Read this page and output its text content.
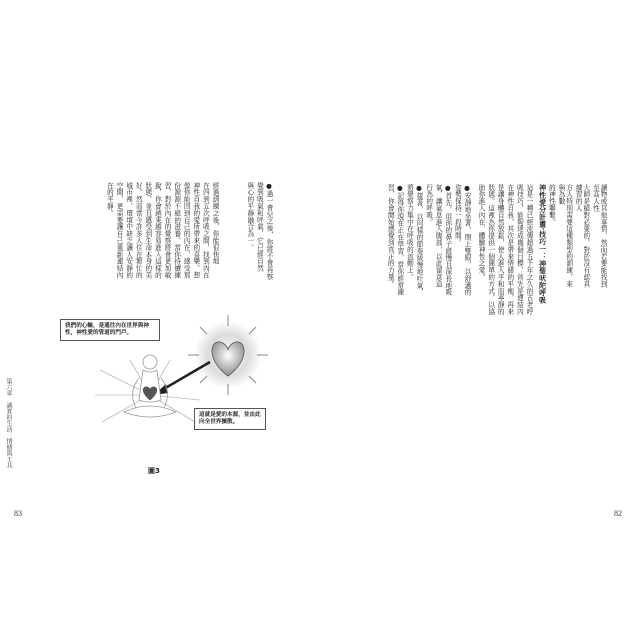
●過一會兒之後，你將不會再察
覺到吸氣和呼氣，它已經自然
與心的平靜融合為一。
經過訓練之後，你能很快地
在四到五次呼吸之間，找到內在
神性自我的愛所帶來的喜樂。想
像你能回到自己的內在，感受那
份源源不絕的滋養。當你持續練
習，對於內在的覺察將會更加敏
銳，你會越來越容易進入這樣的
狀態，並且感受到生命本身的美
好。然而當今許多人住在繁忙的
城市裡，環境中缺乏讓人安靜的
空間，更需要讓自己重新連結內
在的平靜。
我們的心輪，是通往內在世界與神性，神性愛的管道的門戶。
這就是愛的本源，並由此向全世界擴散。
圖3
第六章　誠實的生活：情緒與工具
83
讀物或其他事情，然而若要能找到至高人性
大師是絕對必要的，對於沒有認真練習的人
方人特別需要這種類型的訓練，來與為數
的神性聯繫。
神性愛分計畫‧技巧一：神聖吠陀呼吸
這是一種已經流傳超過五千年之久的古老呼
吸技巧，能夠達成幾個目標，首先是連結內
在神性自我，其次是帶來情緒的平衡，再來
是讓身體自然放鬆，使人進入平和而寧靜的
狀態。這裡為你提供一個簡單的方式，以協
助你進入內在，體驗神性之愛。
●安靜地坐著，閉上雙眼，以舒適的
姿勢保持一段時間。
●首先，用你的鼻子緩慢且深長地吸
氣，讓氣息進入腹部，以此留意這
行為的呼吸。
●接著，以同樣的節奏緩慢地吐氣，
將覺察力集中在呼吸的流動上。
●記得你現在正在學習，當你經常練
習，你會開始感覺到真正的力量。
82
